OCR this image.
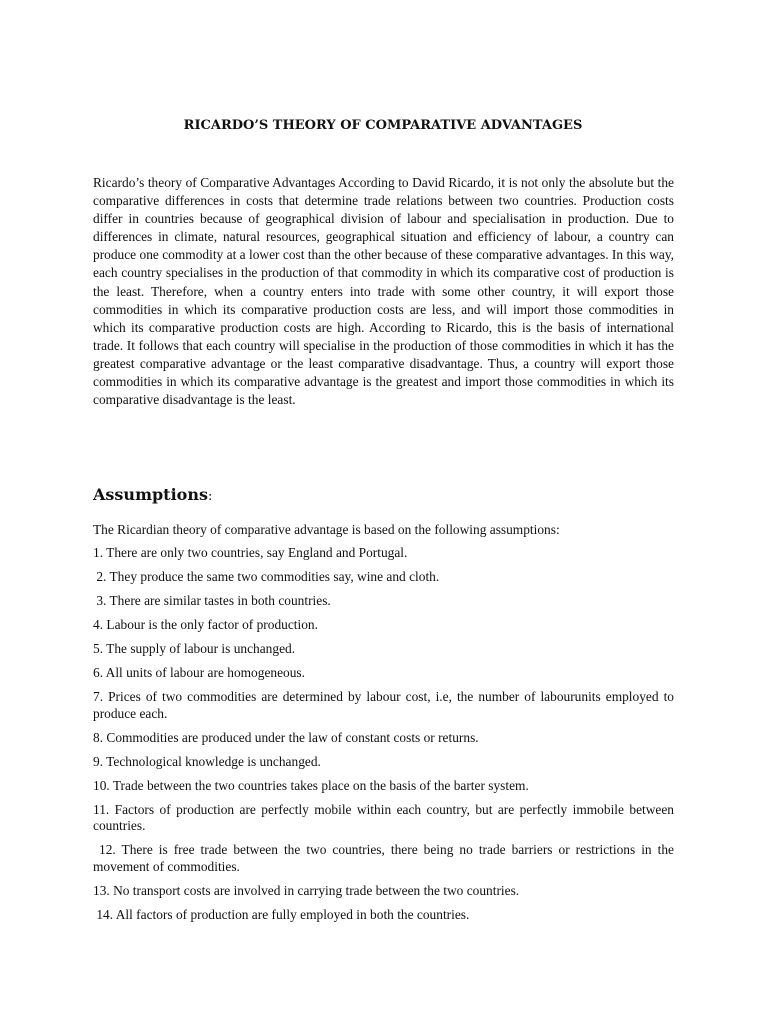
RICARDO’S THEORY OF COMPARATIVE ADVANTAGES

Ricardo’s theory of Comparative Advantages According to David Ricardo, it is not only the absolute but the comparative differences in costs that determine trade relations between two countries. Production costs differ in countries because of geographical division of labour and specialisation in production. Due to differences in climate, natural resources, geographical situation and efficiency of labour, a country can produce one commodity at a lower cost than the other because of these comparative advantages. In this way, each country specialises in the production of that commodity in which its comparative cost of production is the least. Therefore, when a country enters into trade with some other country, it will export those commodities in which its comparative production costs are less, and will import those commodities in which its comparative production costs are high. According to Ricardo, this is the basis of international trade. It follows that each country will specialise in the production of those commodities in which it has the greatest comparative advantage or the least comparative disadvantage. Thus, a country will export those commodities in which its comparative advantage is the greatest and import those commodities in which its comparative disadvantage is the least.

Assumptions:

The Ricardian theory of comparative advantage is based on the following assumptions:

1. There are only two countries, say England and Portugal.
2. They produce the same two commodities say, wine and cloth.
3. There are similar tastes in both countries.
4. Labour is the only factor of production.
5. The supply of labour is unchanged.
6. All units of labour are homogeneous.
7. Prices of two commodities are determined by labour cost, i.e, the number of labourunits employed to produce each.
8. Commodities are produced under the law of constant costs or returns.
9. Technological knowledge is unchanged.
10. Trade between the two countries takes place on the basis of the barter system.
11. Factors of production are perfectly mobile within each country, but are perfectly immobile between countries.
12. There is free trade between the two countries, there being no trade barriers or restrictions in the movement of commodities.
13. No transport costs are involved in carrying trade between the two countries.
14. All factors of production are fully employed in both the countries.
